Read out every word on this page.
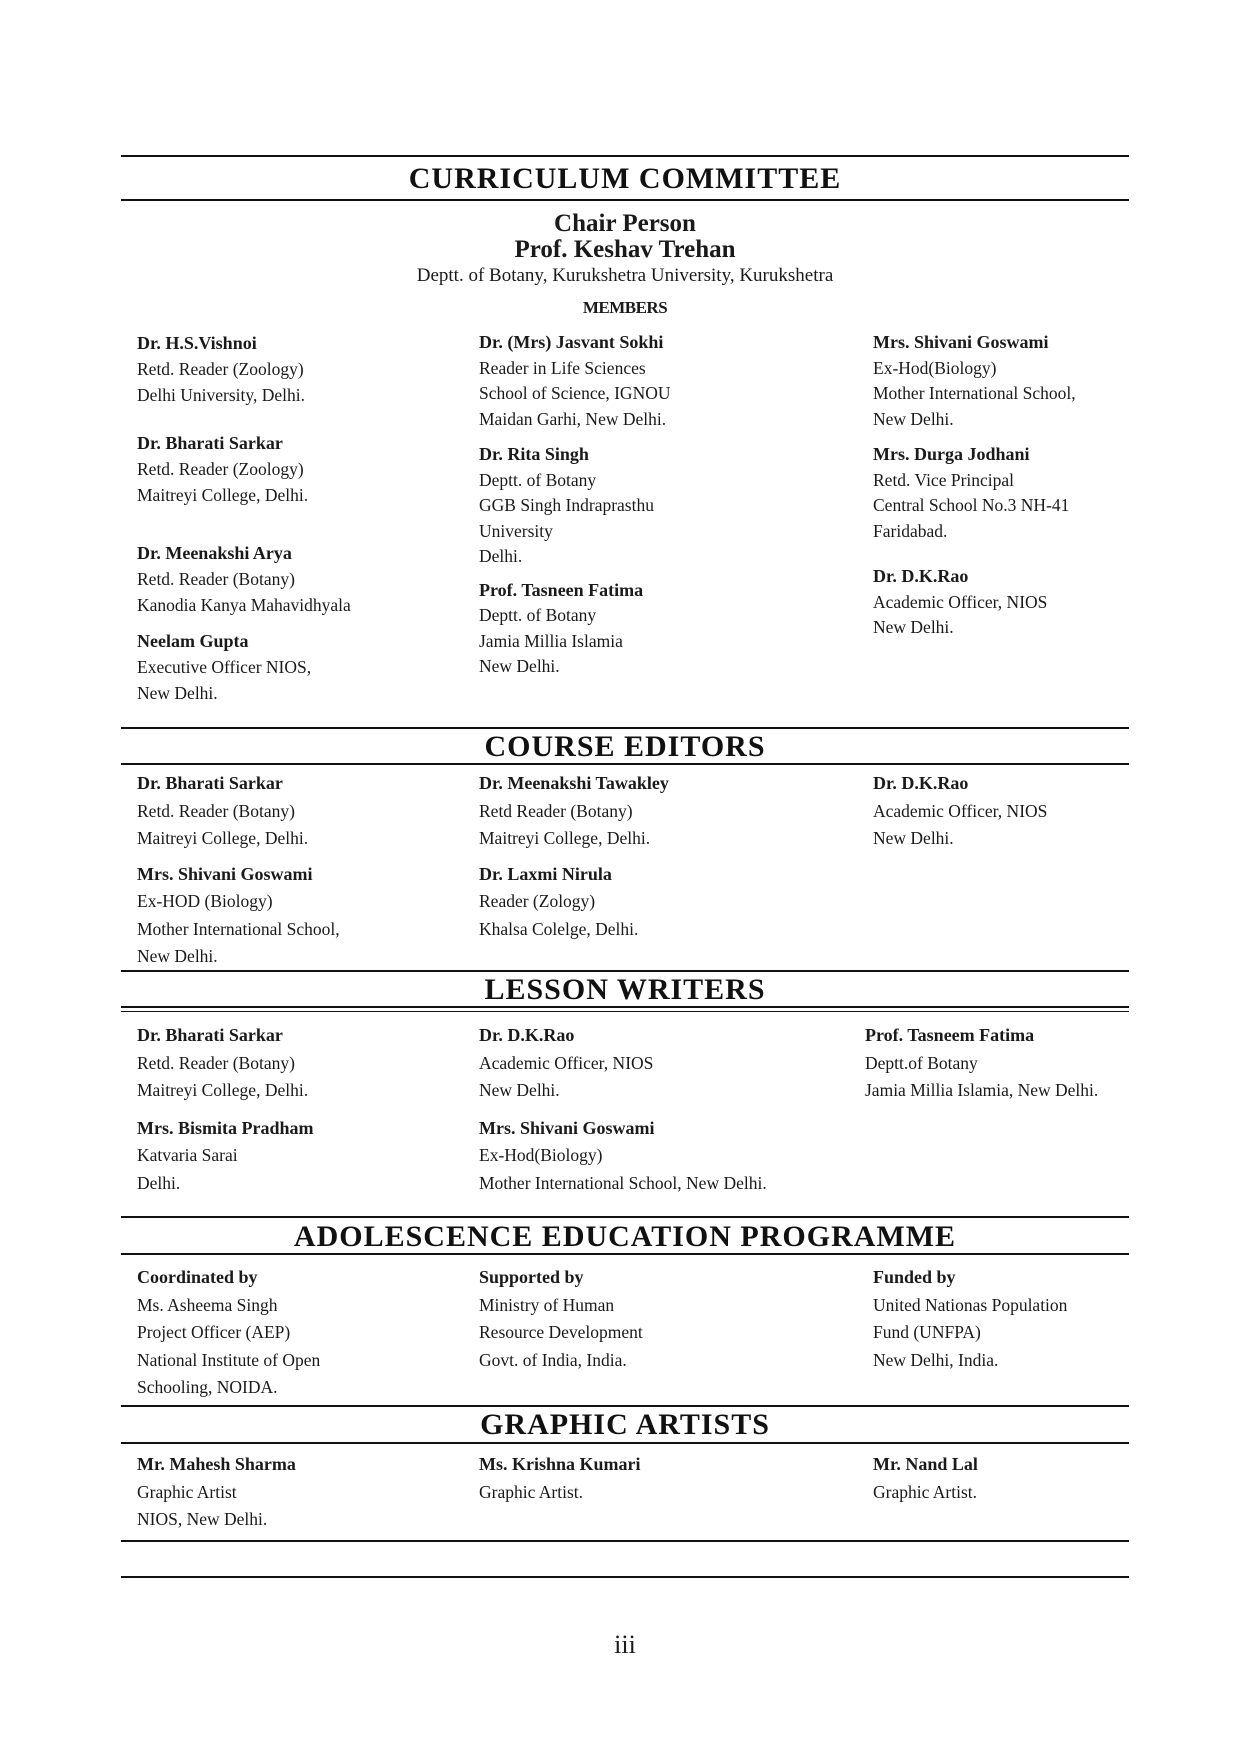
CURRICULUM COMMITTEE
Chair Person
Prof. Keshav Trehan
Deptt. of Botany, Kurukshetra University, Kurukshetra
MEMBERS
Dr. H.S.Vishnoi
Retd. Reader (Zoology)
Delhi University, Delhi.
Dr. Bharati Sarkar
Retd. Reader (Zoology)
Maitreyi College, Delhi.
Dr. Meenakshi Arya
Retd. Reader (Botany)
Kanodia Kanya Mahavidhyala
Neelam Gupta
Executive Officer NIOS,
New Delhi.
Dr. (Mrs) Jasvant Sokhi
Reader in Life Sciences
School of Science, IGNOU
Maidan Garhi, New Delhi.
Dr. Rita Singh
Deptt. of Botany
GGB Singh Indraprasthu
University
Delhi.
Prof. Tasneen Fatima
Deptt. of Botany
Jamia Millia Islamia
New Delhi.
Mrs. Shivani Goswami
Ex-Hod(Biology)
Mother International School,
New Delhi.
Mrs. Durga Jodhani
Retd. Vice Principal
Central School No.3 NH-41
Faridabad.
Dr. D.K.Rao
Academic Officer, NIOS
New Delhi.
COURSE EDITORS
Dr. Bharati Sarkar
Retd. Reader (Botany)
Maitreyi College, Delhi.
Mrs. Shivani Goswami
Ex-HOD (Biology)
Mother International School,
New Delhi.
Dr. Meenakshi Tawakley
Retd Reader (Botany)
Maitreyi College, Delhi.
Dr. Laxmi Nirula
Reader (Zology)
Khalsa Colelge, Delhi.
Dr. D.K.Rao
Academic Officer, NIOS
New Delhi.
LESSON WRITERS
Dr. Bharati Sarkar
Retd. Reader (Botany)
Maitreyi College, Delhi.
Mrs. Bismita Pradham
Katvaria Sarai
Delhi.
Dr. D.K.Rao
Academic Officer, NIOS
New Delhi.
Mrs. Shivani Goswami
Ex-Hod(Biology)
Mother International School, New Delhi.
Prof. Tasneem Fatima
Deptt.of Botany
Jamia Millia Islamia, New Delhi.
ADOLESCENCE EDUCATION PROGRAMME
Coordinated by
Ms. Asheema Singh
Project Officer (AEP)
National Institute of Open
Schooling, NOIDA.
Supported by
Ministry of Human
Resource Development
Govt. of India, India.
Funded by
United Nationas Population
Fund (UNFPA)
New Delhi, India.
GRAPHIC ARTISTS
Mr. Mahesh Sharma
Graphic Artist
NIOS, New Delhi.
Ms. Krishna Kumari
Graphic Artist.
Mr. Nand Lal
Graphic Artist.
iii
